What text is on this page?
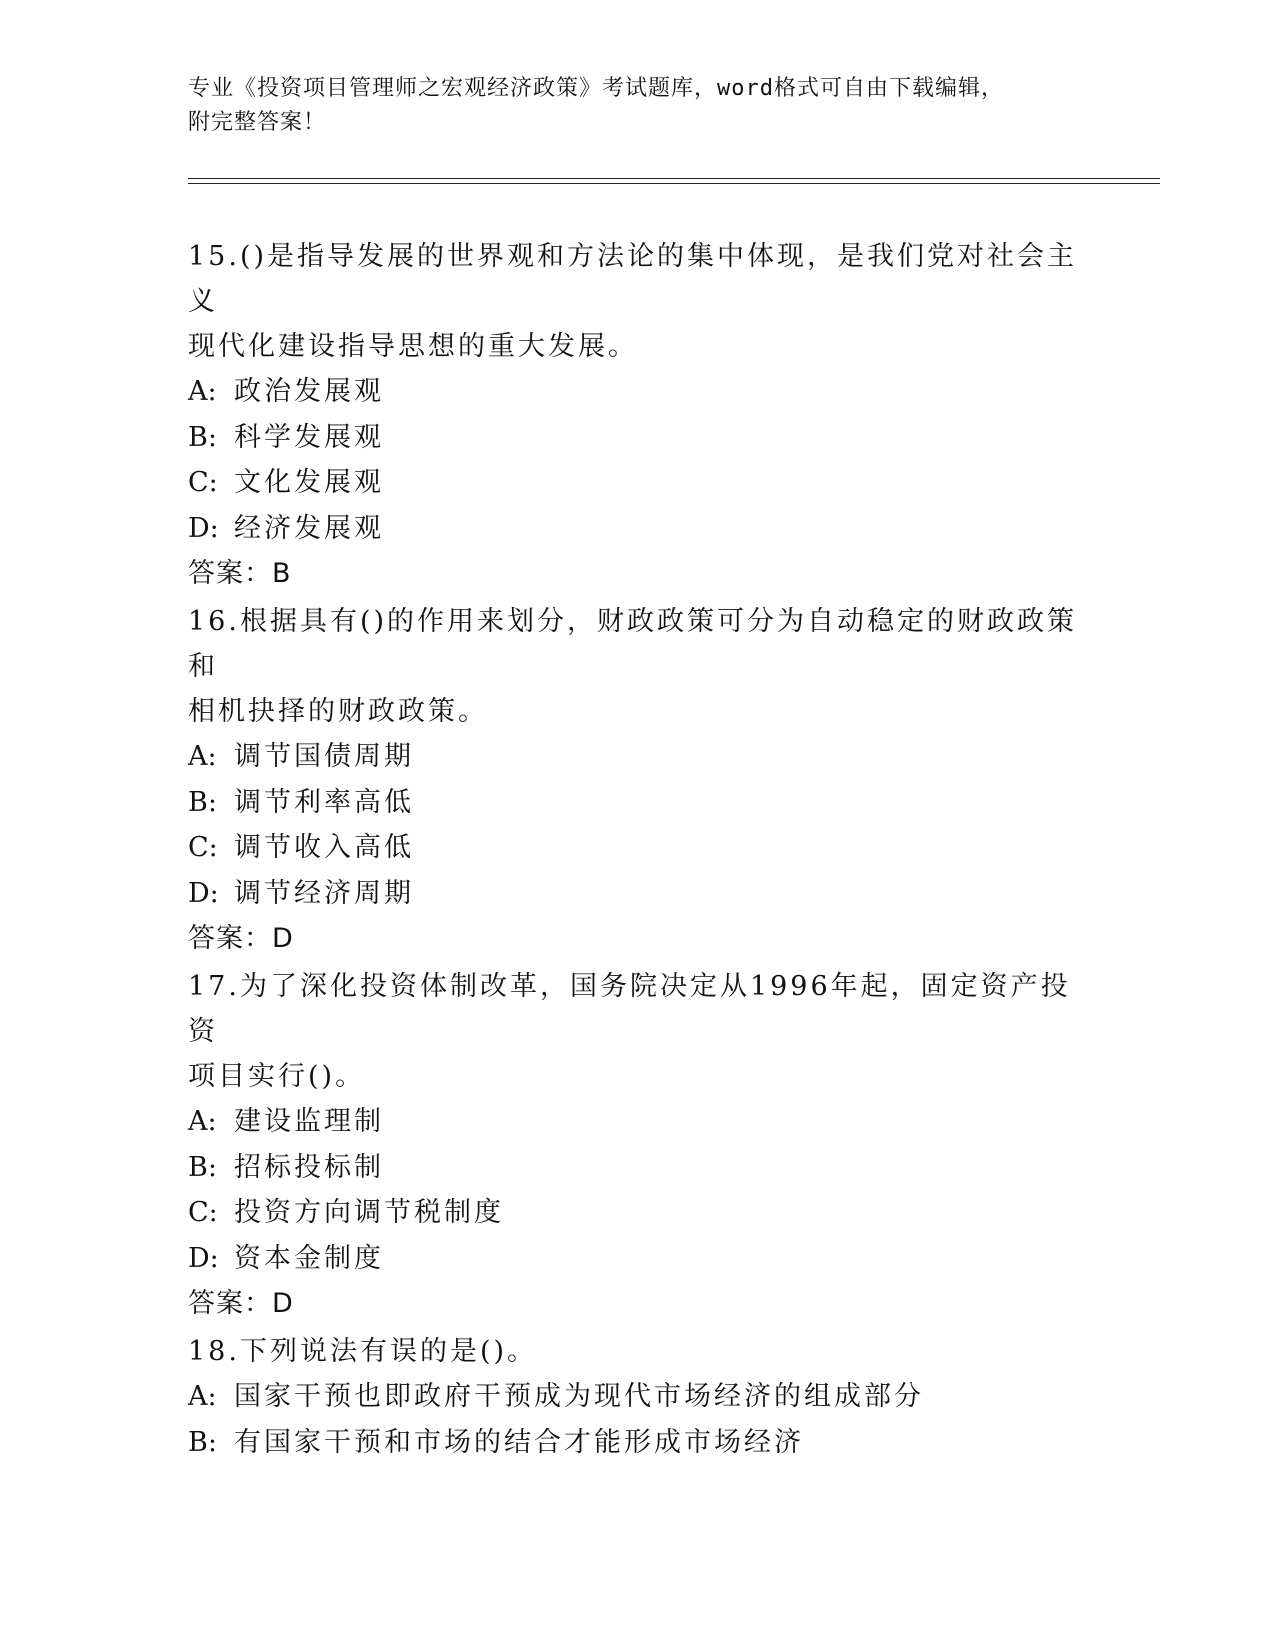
专业《投资项目管理师之宏观经济政策》考试题库，word格式可自由下载编辑，
附完整答案！
15.()是指导发展的世界观和方法论的集中体现，是我们党对社会主义
现代化建设指导思想的重大发展。
A: 政治发展观
B: 科学发展观
C: 文化发展观
D: 经济发展观
答案：B
16.根据具有()的作用来划分，财政政策可分为自动稳定的财政政策和
相机抉择的财政政策。
A: 调节国债周期
B: 调节利率高低
C: 调节收入高低
D: 调节经济周期
答案：D
17.为了深化投资体制改革，国务院决定从1996年起，固定资产投资
项目实行()。
A: 建设监理制
B: 招标投标制
C: 投资方向调节税制度
D: 资本金制度
答案：D
18.下列说法有误的是()。
A: 国家干预也即政府干预成为现代市场经济的组成部分
B: 有国家干预和市场的结合才能形成市场经济
